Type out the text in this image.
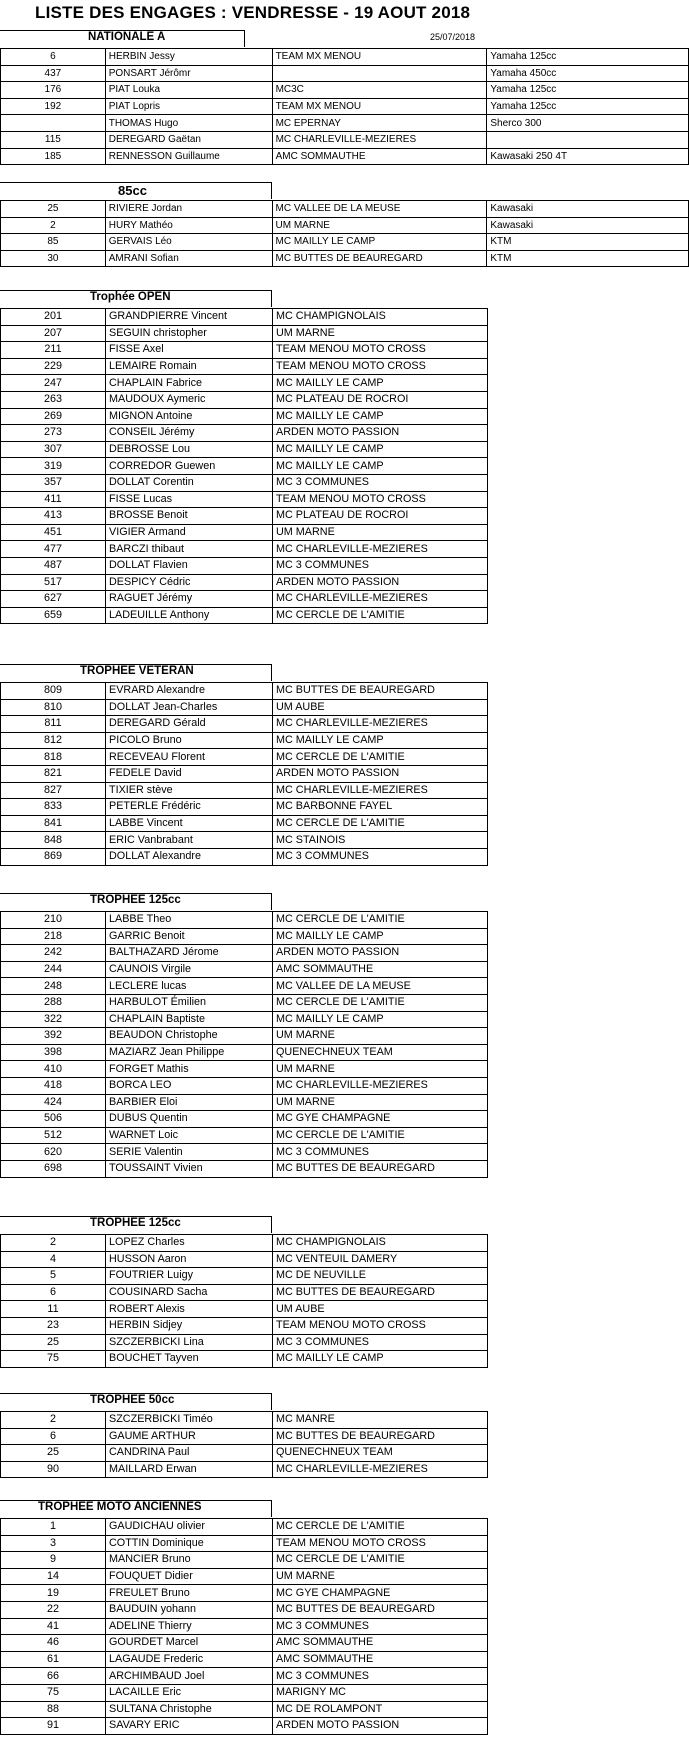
LISTE DES ENGAGES : VENDRESSE - 19 AOUT 2018
NATIONALE A	25/07/2018
6	HERBIN Jessy	TEAM MX MENOU	Yamaha 125cc
437	PONSART Jérômr		Yamaha 450cc
176	PIAT Louka	MC3C	Yamaha 125cc
192	PIAT Lopris	TEAM MX MENOU	Yamaha 125cc
	THOMAS Hugo	MC EPERNAY	Sherco 300
115	DEREGARD Gaëtan	MC CHARLEVILLE-MEZIERES	
185	RENNESSON Guillaume	AMC SOMMAUTHE	Kawasaki 250 4T
85cc
25	RIVIERE Jordan	MC VALLEE DE LA MEUSE	Kawasaki
2	HURY Mathéo	UM MARNE	Kawasaki
85	GERVAIS Léo	MC MAILLY LE CAMP	KTM
30	AMRANI Sofian	MC BUTTES DE BEAUREGARD	KTM
Trophée OPEN
201	GRANDPIERRE Vincent	MC CHAMPIGNOLAIS
207	SEGUIN christopher	UM MARNE
211	FISSE Axel	TEAM MENOU MOTO CROSS
229	LEMAIRE Romain	TEAM MENOU MOTO CROSS
247	CHAPLAIN Fabrice	MC MAILLY LE CAMP
263	MAUDOUX Aymeric	MC PLATEAU DE ROCROI
269	MIGNON Antoine	MC MAILLY LE CAMP
273	CONSEIL Jérémy	ARDEN MOTO PASSION
307	DEBROSSE Lou	MC MAILLY LE CAMP
319	CORREDOR Guewen	MC MAILLY LE CAMP
357	DOLLAT Corentin	MC 3 COMMUNES
411	FISSE Lucas	TEAM MENOU MOTO CROSS
413	BROSSE Benoit	MC PLATEAU DE ROCROI
451	VIGIER Armand	UM MARNE
477	BARCZI thibaut	MC CHARLEVILLE-MEZIERES
487	DOLLAT Flavien	MC 3 COMMUNES
517	DESPICY Cédric	ARDEN MOTO PASSION
627	RAGUET Jérémy	MC CHARLEVILLE-MEZIERES
659	LADEUILLE Anthony	MC CERCLE DE L'AMITIE
TROPHEE VETERAN
809	EVRARD Alexandre	MC BUTTES DE BEAUREGARD
810	DOLLAT Jean-Charles	UM AUBE
811	DEREGARD Gérald	MC CHARLEVILLE-MEZIERES
812	PICOLO Bruno	MC MAILLY LE CAMP
818	RECEVEAU Florent	MC CERCLE DE L'AMITIE
821	FEDELE David	ARDEN MOTO PASSION
827	TIXIER stève	MC CHARLEVILLE-MEZIERES
833	PETERLE Frédéric	MC BARBONNE FAYEL
841	LABBE Vincent	MC CERCLE DE L'AMITIE
848	ERIC Vanbrabant	MC STAINOIS
869	DOLLAT Alexandre	MC 3 COMMUNES
TROPHEE 125cc
210	LABBE Theo	MC CERCLE DE L'AMITIE
218	GARRIC Benoit	MC MAILLY LE CAMP
242	BALTHAZARD Jérome	ARDEN MOTO PASSION
244	CAUNOIS Virgile	AMC SOMMAUTHE
248	LECLERE lucas	MC VALLEE DE LA MEUSE
288	HARBULOT Émilien	MC CERCLE DE L'AMITIE
322	CHAPLAIN Baptiste	MC MAILLY LE CAMP
392	BEAUDON Christophe	UM MARNE
398	MAZIARZ Jean Philippe	QUENECHNEUX TEAM
410	FORGET Mathis	UM MARNE
418	BORCA LEO	MC CHARLEVILLE-MEZIERES
424	BARBIER Eloi	UM MARNE
506	DUBUS Quentin	MC GYE CHAMPAGNE
512	WARNET Loic	MC CERCLE DE L'AMITIE
620	SERIE Valentin	MC 3 COMMUNES
698	TOUSSAINT Vivien	MC BUTTES DE BEAUREGARD
TROPHEE 125cc
2	LOPEZ Charles	MC CHAMPIGNOLAIS
4	HUSSON Aaron	MC VENTEUIL DAMERY
5	FOUTRIER Luigy	MC DE NEUVILLE
6	COUSINARD Sacha	MC BUTTES DE BEAUREGARD
11	ROBERT Alexis	UM AUBE
23	HERBIN Sidjey	TEAM MENOU MOTO CROSS
25	SZCZERBICKI Lina	MC 3 COMMUNES
75	BOUCHET Tayven	MC MAILLY LE CAMP
TROPHEE 50cc
2	SZCZERBICKI Timéo	MC MANRE
6	GAUME ARTHUR	MC BUTTES DE BEAUREGARD
25	CANDRINA Paul	QUENECHNEUX TEAM
90	MAILLARD Erwan	MC CHARLEVILLE-MEZIERES
TROPHEE MOTO ANCIENNES
1	GAUDICHAU olivier	MC CERCLE DE L'AMITIE
3	COTTIN Dominique	TEAM MENOU MOTO CROSS
9	MANCIER Bruno	MC CERCLE DE L'AMITIE
14	FOUQUET Didier	UM MARNE
19	FREULET Bruno	MC GYE CHAMPAGNE
22	BAUDUIN yohann	MC BUTTES DE BEAUREGARD
41	ADELINE Thierry	MC 3 COMMUNES
46	GOURDET Marcel	AMC SOMMAUTHE
61	LAGAUDE Frederic	AMC SOMMAUTHE
66	ARCHIMBAUD Joel	MC 3 COMMUNES
75	LACAILLE Eric	MARIGNY MC
88	SULTANA Christophe	MC DE ROLAMPONT
91	SAVARY ERIC	ARDEN MOTO PASSION
